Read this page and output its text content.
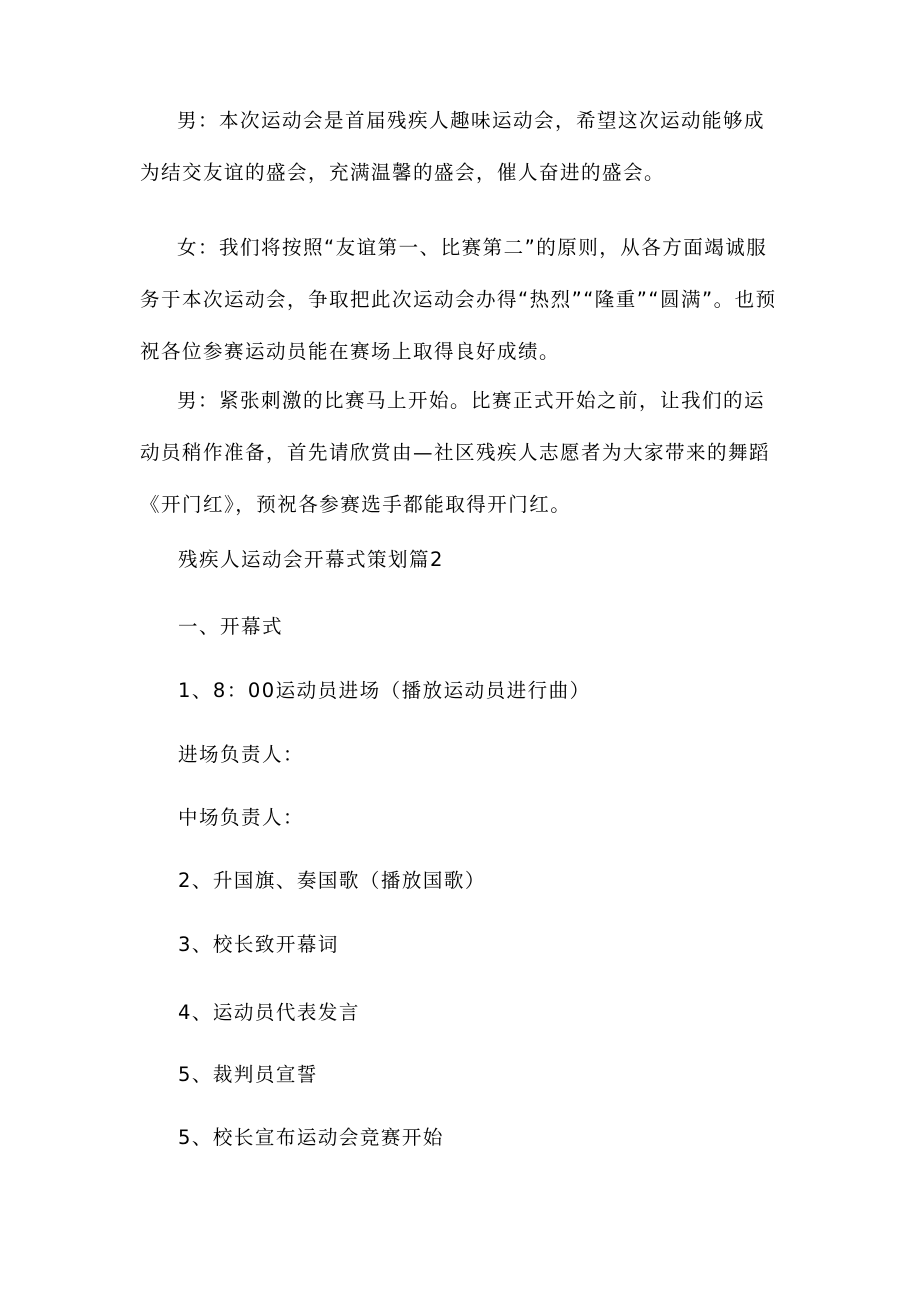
男：本次运动会是首届残疾人趣味运动会，希望这次运动能够成为结交友谊的盛会，充满温馨的盛会，催人奋进的盛会。

女：我们将按照“友谊第一、比赛第二”的原则，从各方面竭诚服务于本次运动会，争取把此次运动会办得“热烈”“隆重”“圆满”。也预祝各位参赛运动员能在赛场上取得良好成绩。

男：紧张刺激的比赛马上开始。比赛正式开始之前，让我们的运动员稍作准备，首先请欣赏由—社区残疾人志愿者为大家带来的舞蹈《开门红》，预祝各参赛选手都能取得开门红。

残疾人运动会开幕式策划篇2
一、开幕式
1、8：00运动员进场（播放运动员进行曲）
进场负责人：
中场负责人：
2、升国旗、奏国歌（播放国歌）
3、校长致开幕词
4、运动员代表发言
5、裁判员宣誓
5、校长宣布运动会竞赛开始
